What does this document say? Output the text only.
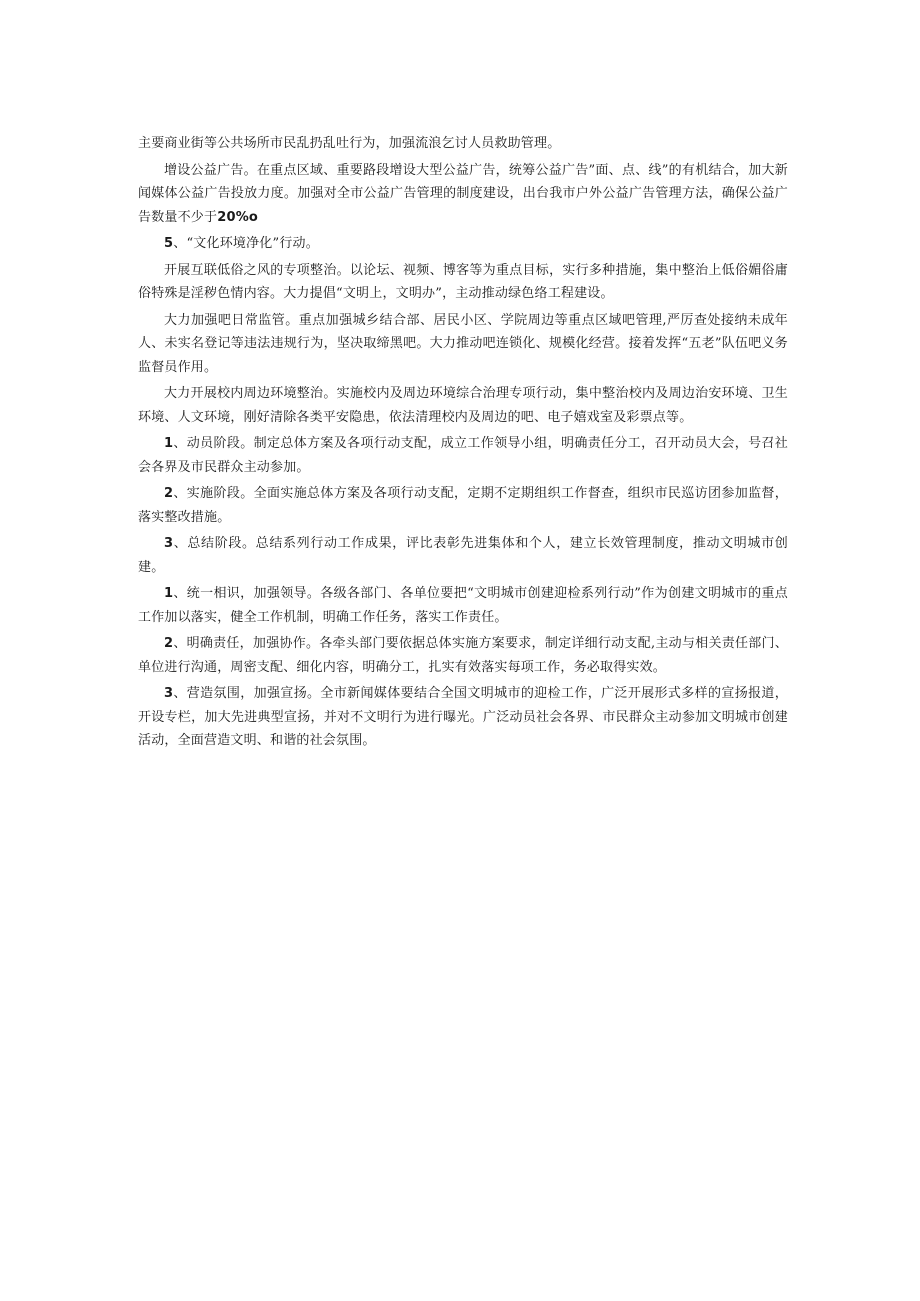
主要商业街等公共场所市民乱扔乱吐行为，加强流浪乞讨人员救助管理。

增设公益广告。在重点区域、重要路段增设大型公益广告，统筹公益广告”面、点、线”的有机结合，加大新闻媒体公益广告投放力度。加强对全市公益广告管理的制度建设，出台我市户外公益广告管理方法，确保公益广告数量不少于20%o

5、“文化环境净化”行动。

开展互联低俗之风的专项整治。以论坛、视频、博客等为重点目标，实行多种措施，集中整治上低俗媚俗庸俗特殊是淫秽色情内容。大力提倡“文明上，文明办”，主动推动绿色络工程建设。

大力加强吧日常监管。重点加强城乡结合部、居民小区、学院周边等重点区域吧管理,严厉查处接纳未成年人、未实名登记等违法违规行为，坚决取缔黑吧。大力推动吧连锁化、规模化经营。接着发挥“五老”队伍吧义务监督员作用。

大力开展校内周边环境整治。实施校内及周边环境综合治理专项行动，集中整治校内及周边治安环境、卫生环境、人文环境，刚好清除各类平安隐患，依法清理校内及周边的吧、电子嬉戏室及彩票点等。

1、动员阶段。制定总体方案及各项行动支配，成立工作领导小组，明确责任分工，召开动员大会，号召社会各界及市民群众主动参加。

2、实施阶段。全面实施总体方案及各项行动支配，定期不定期组织工作督查，组织市民巡访团参加监督，落实整改措施。

3、总结阶段。总结系列行动工作成果，评比表彰先进集体和个人，建立长效管理制度，推动文明城市创建。

1、统一相识，加强领导。各级各部门、各单位要把“文明城市创建迎检系列行动”作为创建文明城市的重点工作加以落实，健全工作机制，明确工作任务，落实工作责任。

2、明确责任，加强协作。各牵头部门要依据总体实施方案要求，制定详细行动支配,主动与相关责任部门、单位进行沟通，周密支配、细化内容，明确分工，扎实有效落实每项工作，务必取得实效。

3、营造氛围，加强宣扬。全市新闻媒体要结合全国文明城市的迎检工作，广泛开展形式多样的宣扬报道，开设专栏，加大先进典型宣扬，并对不文明行为进行曝光。广泛动员社会各界、市民群众主动参加文明城市创建活动，全面营造文明、和谐的社会氛围。
